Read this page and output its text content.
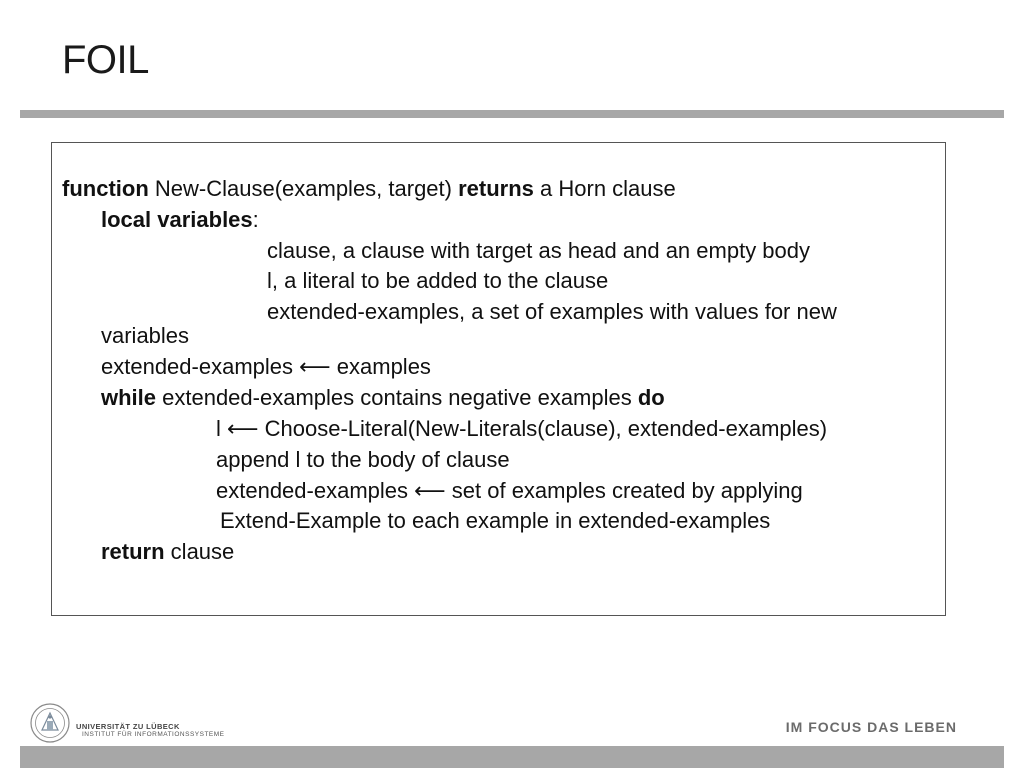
FOIL
function New-Clause(examples, target) returns a Horn clause
local variables:
clause, a clause with target as head and an empty body
l, a literal to be added to the clause
extended-examples, a set of examples with values for new
variables
extended-examples ⟵ examples
while extended-examples contains negative examples do
l ⟵ Choose-Literal(New-Literals(clause), extended-examples)
append l to the body of clause
extended-examples ⟵ set of examples created by applying
Extend-Example to each example in extended-examples
return clause
UNIVERSITÄT ZU LÜBECK
INSTITUT FÜR INFORMATIONSSYSTEME	IM FOCUS DAS LEBEN
